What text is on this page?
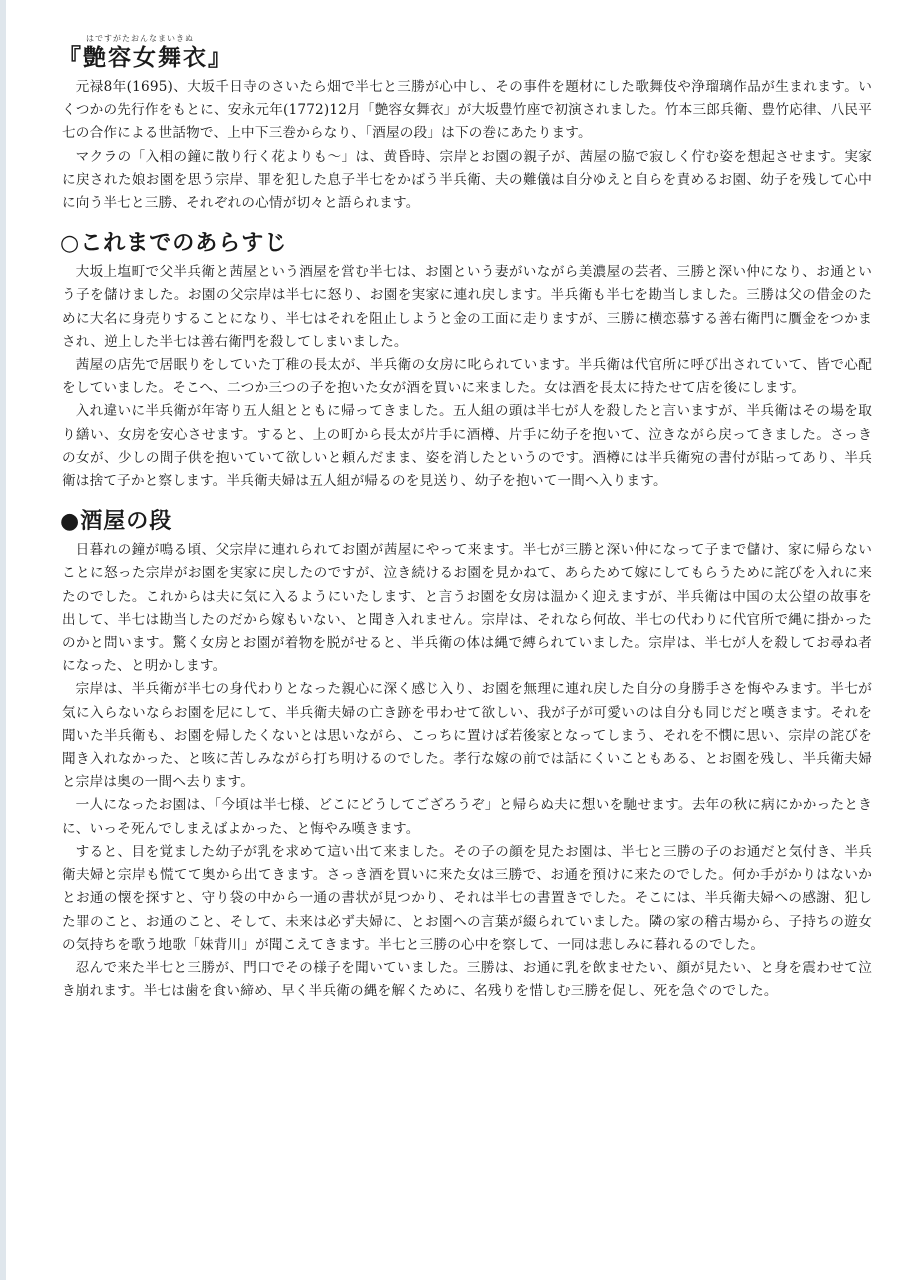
はですがたおんなまいきぬ
『艶容女舞衣』

元禄8年(1695)、大坂千日寺のさいたら畑で半七と三勝が心中し、その事件を題材にした歌舞伎や浄瑠璃作品が生まれます。いくつかの先行作をもとに、安永元年(1772)12月「艶容女舞衣」が大坂豊竹座で初演されました。竹本三郎兵衛、豊竹応律、八民平七の合作による世話物で、上中下三巻からなり、「酒屋の段」は下の巻にあたります。

マクラの「入相の鐘に散り行く花よりも～」は、黄昏時、宗岸とお園の親子が、茜屋の脇で寂しく佇む姿を想起させます。実家に戻された娘お園を思う宗岸、罪を犯した息子半七をかばう半兵衛、夫の難儀は自分ゆえと自らを責めるお園、幼子を残して心中に向う半七と三勝、それぞれの心情が切々と語られます。

○これまでのあらすじ

大坂上塩町で父半兵衛と茜屋という酒屋を営む半七は、お園という妻がいながら美濃屋の芸者、三勝と深い仲になり、お通という子を儲けました。お園の父宗岸は半七に怒り、お園を実家に連れ戻します。半兵衛も半七を勘当しました。三勝は父の借金のために大名に身売りすることになり、半七はそれを阻止しようと金の工面に走りますが、三勝に横恋慕する善右衛門に贋金をつかまされ、逆上した半七は善右衛門を殺してしまいました。

茜屋の店先で居眠りをしていた丁稚の長太が、半兵衛の女房に叱られています。半兵衛は代官所に呼び出されていて、皆で心配をしていました。そこへ、二つか三つの子を抱いた女が酒を買いに来ました。女は酒を長太に持たせて店を後にします。

入れ違いに半兵衛が年寄り五人組とともに帰ってきました。五人組の頭は半七が人を殺したと言いますが、半兵衛はその場を取り繕い、女房を安心させます。すると、上の町から長太が片手に酒樽、片手に幼子を抱いて、泣きながら戻ってきました。さっきの女が、少しの間子供を抱いていて欲しいと頼んだまま、姿を消したというのです。酒樽には半兵衛宛の書付が貼ってあり、半兵衛は捨て子かと察します。半兵衛夫婦は五人組が帰るのを見送り、幼子を抱いて一間へ入ります。

●酒屋の段

日暮れの鐘が鳴る頃、父宗岸に連れられてお園が茜屋にやって来ます。半七が三勝と深い仲になって子まで儲け、家に帰らないことに怒った宗岸がお園を実家に戻したのですが、泣き続けるお園を見かねて、あらためて嫁にしてもらうために詫びを入れに来たのでした。これからは夫に気に入るようにいたします、と言うお園を女房は温かく迎えますが、半兵衛は中国の太公望の故事を出して、半七は勘当したのだから嫁もいない、と聞き入れません。宗岸は、それなら何故、半七の代わりに代官所で縄に掛かったのかと問います。驚く女房とお園が着物を脱がせると、半兵衛の体は縄で縛られていました。宗岸は、半七が人を殺してお尋ね者になった、と明かします。

宗岸は、半兵衛が半七の身代わりとなった親心に深く感じ入り、お園を無理に連れ戻した自分の身勝手さを悔やみます。半七が気に入らないならお園を尼にして、半兵衛夫婦の亡き跡を弔わせて欲しい、我が子が可愛いのは自分も同じだと嘆きます。それを聞いた半兵衛も、お園を帰したくないとは思いながら、こっちに置けば若後家となってしまう、それを不憫に思い、宗岸の詫びを聞き入れなかった、と咳に苦しみながら打ち明けるのでした。孝行な嫁の前では話にくいこともある、とお園を残し、半兵衛夫婦と宗岸は奥の一間へ去ります。

一人になったお園は、「今頃は半七様、どこにどうしてござろうぞ」と帰らぬ夫に想いを馳せます。去年の秋に病にかかったときに、いっそ死んでしまえばよかった、と悔やみ嘆きます。

すると、目を覚ました幼子が乳を求めて這い出て来ました。その子の顔を見たお園は、半七と三勝の子のお通だと気付き、半兵衛夫婦と宗岸も慌てて奥から出てきます。さっき酒を買いに来た女は三勝で、お通を預けに来たのでした。何か手がかりはないかとお通の懐を探すと、守り袋の中から一通の書状が見つかり、それは半七の書置きでした。そこには、半兵衛夫婦への感謝、犯した罪のこと、お通のこと、そして、未来は必ず夫婦に、とお園への言葉が綴られていました。隣の家の稽古場から、子持ちの遊女の気持ちを歌う地歌「妹背川」が聞こえてきます。半七と三勝の心中を察して、一同は悲しみに暮れるのでした。

忍んで来た半七と三勝が、門口でその様子を聞いていました。三勝は、お通に乳を飲ませたい、顔が見たい、と身を震わせて泣き崩れます。半七は歯を食い締め、早く半兵衛の縄を解くために、名残りを惜しむ三勝を促し、死を急ぐのでした。
